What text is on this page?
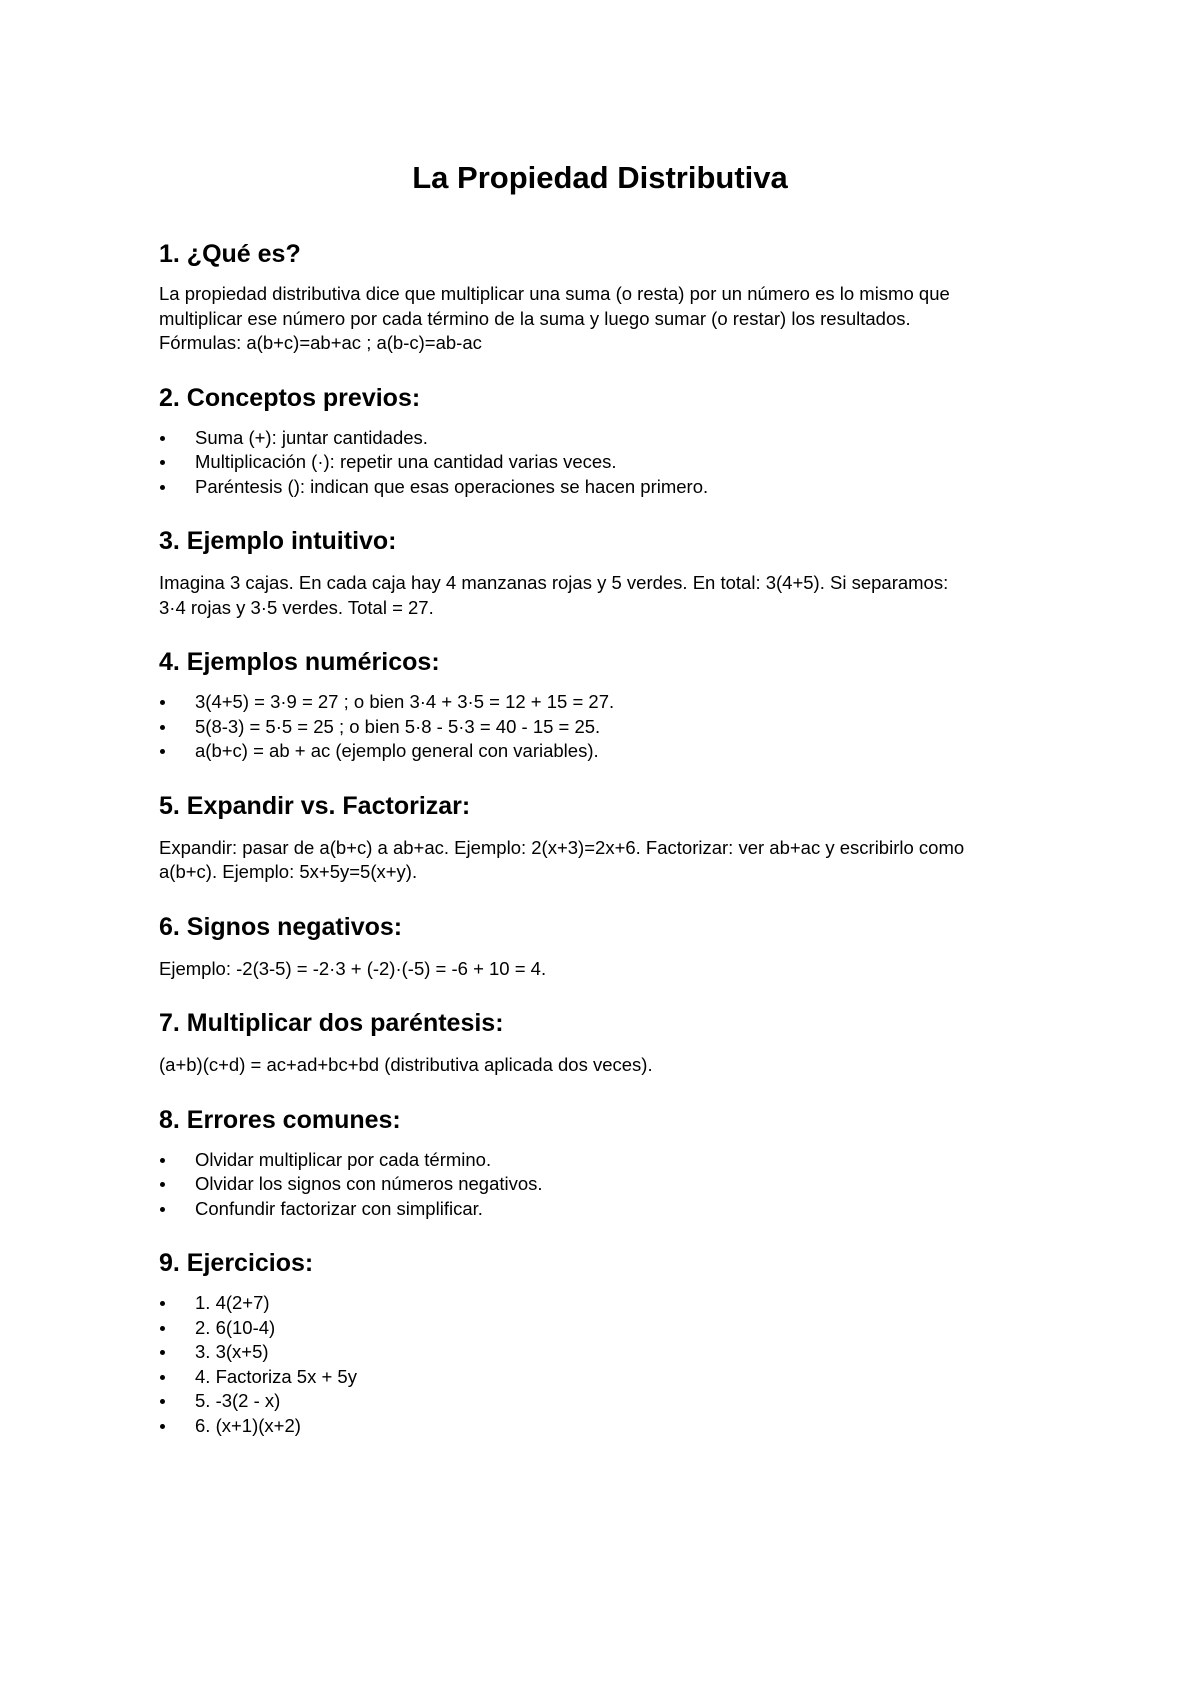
La Propiedad Distributiva
1. ¿Qué es?

La propiedad distributiva dice que multiplicar una suma (o resta) por un número es lo mismo que

multiplicar ese número por cada término de la suma y luego sumar (o restar) los resultados.

Fórmulas: a(b+c)=ab+ac ; a(b-c)=ab-ac

2. Conceptos previos:
Suma (+): juntar cantidades.
Multiplicación (·): repetir una cantidad varias veces.
Paréntesis (): indican que esas operaciones se hacen primero.
3. Ejemplo intuitivo:

Imagina 3 cajas. En cada caja hay 4 manzanas rojas y 5 verdes. En total: 3(4+5). Si separamos:

3·4 rojas y 3·5 verdes. Total = 27.

4. Ejemplos numéricos:
3(4+5) = 3·9 = 27 ; o bien 3·4 + 3·5 = 12 + 15 = 27.
5(8-3) = 5·5 = 25 ; o bien 5·8 - 5·3 = 40 - 15 = 25.
a(b+c) = ab + ac (ejemplo general con variables).
5. Expandir vs. Factorizar:

Expandir: pasar de a(b+c) a ab+ac. Ejemplo: 2(x+3)=2x+6. Factorizar: ver ab+ac y escribirlo como

a(b+c). Ejemplo: 5x+5y=5(x+y).

6. Signos negativos:

Ejemplo: -2(3-5) = -2·3 + (-2)·(-5) = -6 + 10 = 4.

7. Multiplicar dos paréntesis:

(a+b)(c+d) = ac+ad+bc+bd (distributiva aplicada dos veces).

8. Errores comunes:
Olvidar multiplicar por cada término.
Olvidar los signos con números negativos.
Confundir factorizar con simplificar.
9. Ejercicios:
1. 4(2+7)
2. 6(10-4)
3. 3(x+5)
4. Factoriza 5x + 5y
5. -3(2 - x)
6. (x+1)(x+2)
